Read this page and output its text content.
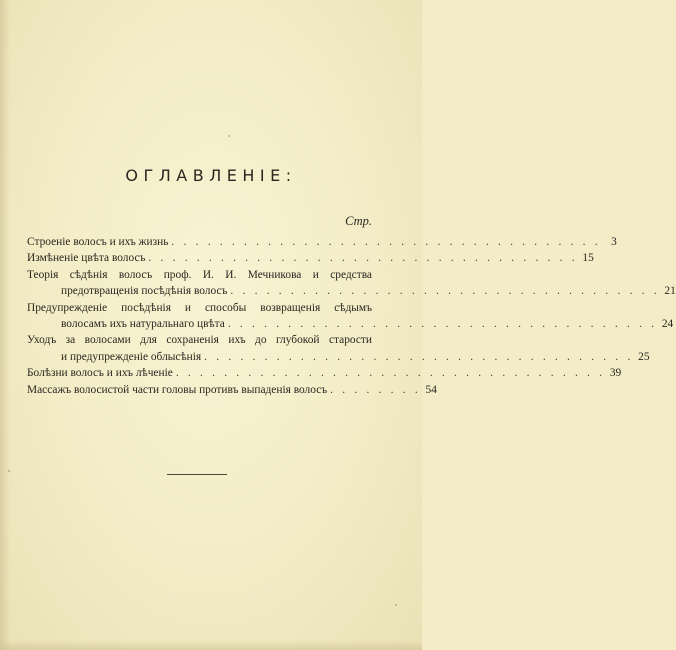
ОГЛАВЛЕНІЕ:
Стр.
Строеніе волосъ и ихъ жизнь . . . . . . . . . . . . . . . . . . . . . . . . . . . . . . . . . . . . 3
Измѣненіе цвѣта волосъ . . . . . . . . . . . . . . . . . . . . . . . . . . . . . . . . . . . . 15
Теорія сѣдѣнія волосъ проф. И. И. Мечникова и средства
предотвращенія посѣдѣнія волосъ . . . . . . . . . . . . . . . . . . . . . . . . . . . . . . . . . . . . 21
Предупрежденіе посѣдѣнія и способы возвращенія сѣдымъ
волосамъ ихъ натуральнаго цвѣта . . . . . . . . . . . . . . . . . . . . . . . . . . . . . . . . . . . . 24
Уходъ за волосами для сохраненія ихъ до глубокой старости
и предупрежденіе облысѣнія . . . . . . . . . . . . . . . . . . . . . . . . . . . . . . . . . . . . 25
Болѣзни волосъ и ихъ лѣченіе . . . . . . . . . . . . . . . . . . . . . . . . . . . . . . . . . . . . 39
Массажъ волосистой части головы противъ выпаденія волосъ . . . . . . . . 54
